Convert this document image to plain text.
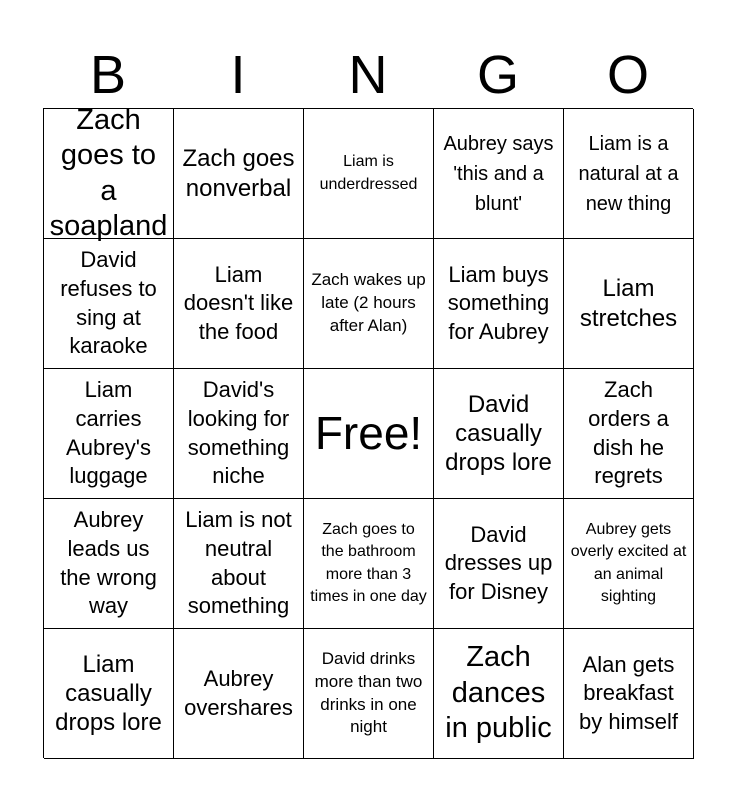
B	I	N	G	O
Zach goes to a soapland
Zach goes nonverbal
Liam is underdressed
Aubrey says 'this and a blunt'
Liam is a natural at a new thing
David refuses to sing at karaoke
Liam doesn't like the food
Zach wakes up late (2 hours after Alan)
Liam buys something for Aubrey
Liam stretches
Liam carries Aubrey's luggage
David's looking for something niche
Free!
David casually drops lore
Zach orders a dish he regrets
Aubrey leads us the wrong way
Liam is not neutral about something
Zach goes to the bathroom more than 3 times in one day
David dresses up for Disney
Aubrey gets overly excited at an animal sighting
Liam casually drops lore
Aubrey overshares
David drinks more than two drinks in one night
Zach dances in public
Alan gets breakfast by himself
